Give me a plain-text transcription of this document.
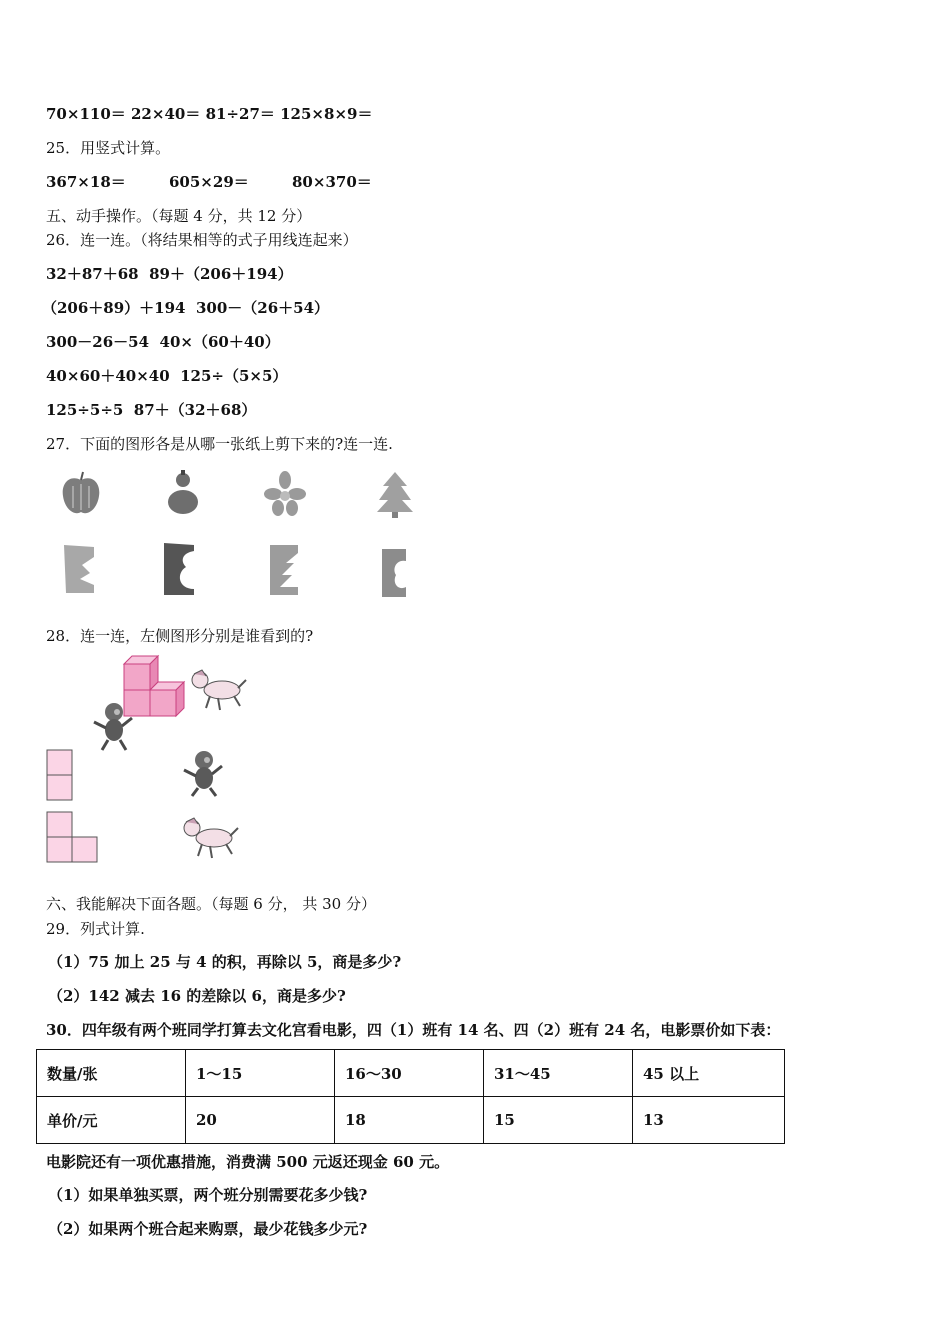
70×110＝ 22×40＝ 81÷27＝ 125×8×9＝
25．用竖式计算。
367×18＝	605×29＝	80×370＝
五、动手操作。（每题 4 分，共 12 分）
26．连一连。（将结果相等的式子用线连起来）
32＋87＋68 89＋（206＋194）
（206＋89）＋194 300－（26＋54）
300－26－54 40×（60＋40）
40×60＋40×40 125÷（5×5）
125÷5÷5 87＋（32＋68）
27．下面的图形各是从哪一张纸上剪下来的?连一连.
28．连一连，左侧图形分别是谁看到的?
六、我能解决下面各题。（每题 6 分， 共 30 分）
29．列式计算.
（1）75 加上 25 与 4 的积，再除以 5，商是多少?
（2）142 减去 16 的差除以 6，商是多少?
30．四年级有两个班同学打算去文化宫看电影，四（1）班有 14 名、四（2）班有 24 名，电影票价如下表：
数量/张	1～15	16～30	31～45	45 以上
单价/元	20	18	15	13
电影院还有一项优惠措施，消费满 500 元返还现金 60 元。
（1）如果单独买票，两个班分别需要花多少钱?
（2）如果两个班合起来购票，最少花钱多少元?
